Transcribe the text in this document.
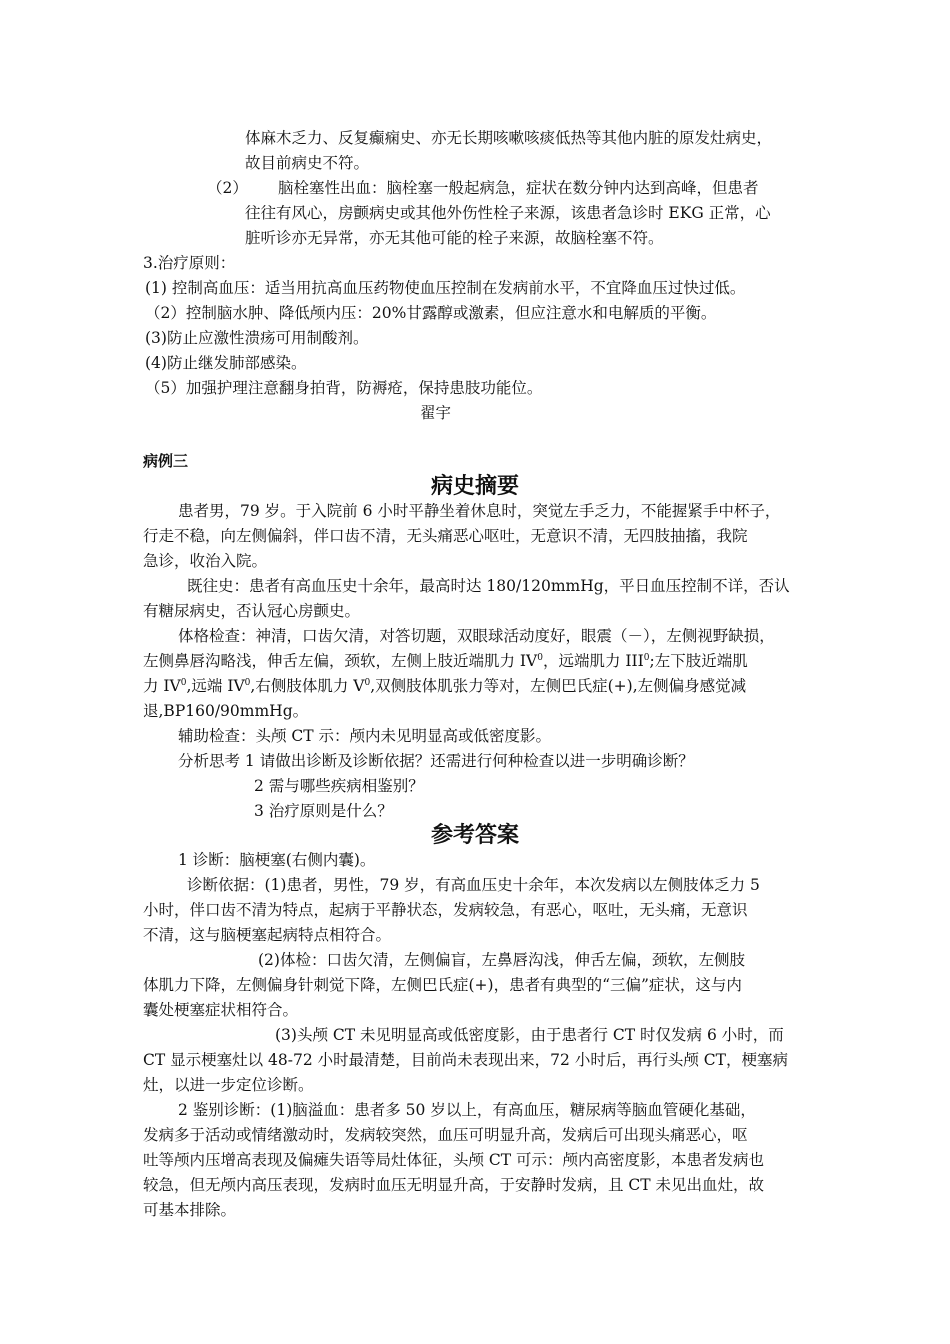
体麻木乏力、反复癫痫史、亦无长期咳嗽咳痰低热等其他内脏的原发灶病史，
故目前病史不符。
（2） 脑栓塞性出血：脑栓塞一般起病急，症状在数分钟内达到高峰，但患者
往往有风心，房颤病史或其他外伤性栓子来源，该患者急诊时 EKG 正常，心
脏听诊亦无异常，亦无其他可能的栓子来源，故脑栓塞不符。
3.治疗原则：
(1) 控制高血压：适当用抗高血压药物使血压控制在发病前水平，不宜降血压过快过低。
（2）控制脑水肿、降低颅内压：20%甘露醇或激素，但应注意水和电解质的平衡。
(3)防止应激性溃疡可用制酸剂。
(4)防止继发肺部感染。
（5）加强护理注意翻身拍背，防褥疮，保持患肢功能位。
翟宇
病例三
病史摘要
患者男，79 岁。于入院前 6 小时平静坐着休息时，突觉左手乏力，不能握紧手中杯子，
行走不稳，向左侧偏斜，伴口齿不清，无头痛恶心呕吐，无意识不清，无四肢抽搐，我院
急诊，收治入院。
既往史：患者有高血压史十余年，最高时达 180/120mmHg，平日血压控制不详，否认
有糖尿病史，否认冠心房颤史。
体格检查：神清，口齿欠清，对答切题，双眼球活动度好，眼震（－），左侧视野缺损，
左侧鼻唇沟略浅，伸舌左偏，颈软，左侧上肢近端肌力 $IV^0$，远端肌力 III$^0$;左下肢近端肌
力 $IV^0$,远端 $IV^0$,右侧肢体肌力 $V^0$,双侧肢体肌张力等对，左侧巴氏症(+),左侧偏身感觉减
退,BP160/90mmHg。
辅助检查：头颅 CT 示：颅内未见明显高或低密度影。
分析思考 1 请做出诊断及诊断依据？还需进行何种检查以进一步明确诊断？
2 需与哪些疾病相鉴别？
3 治疗原则是什么？
参考答案
1 诊断：脑梗塞(右侧内囊)。
诊断依据：(1)患者，男性，79 岁，有高血压史十余年，本次发病以左侧肢体乏力 5
小时，伴口齿不清为特点，起病于平静状态，发病较急，有恶心，呕吐，无头痛，无意识
不清，这与脑梗塞起病特点相符合。
(2)体检：口齿欠清，左侧偏盲，左鼻唇沟浅，伸舌左偏，颈软，左侧肢
体肌力下降，左侧偏身针刺觉下降，左侧巴氏症(+)，患者有典型的“三偏”症状，这与内
囊处梗塞症状相符合。
(3)头颅 CT 未见明显高或低密度影，由于患者行 CT 时仅发病 6 小时，而
CT 显示梗塞灶以 48-72 小时最清楚，目前尚未表现出来，72 小时后，再行头颅 CT，梗塞病
灶，以进一步定位诊断。
2 鉴别诊断：(1)脑溢血：患者多 50 岁以上，有高血压，糖尿病等脑血管硬化基础，
发病多于活动或情绪激动时，发病较突然，血压可明显升高，发病后可出现头痛恶心，呕
吐等颅内压增高表现及偏瘫失语等局灶体征，头颅 CT 可示：颅内高密度影，本患者发病也
较急，但无颅内高压表现，发病时血压无明显升高，于安静时发病，且 CT 未见出血灶，故
可基本排除。
